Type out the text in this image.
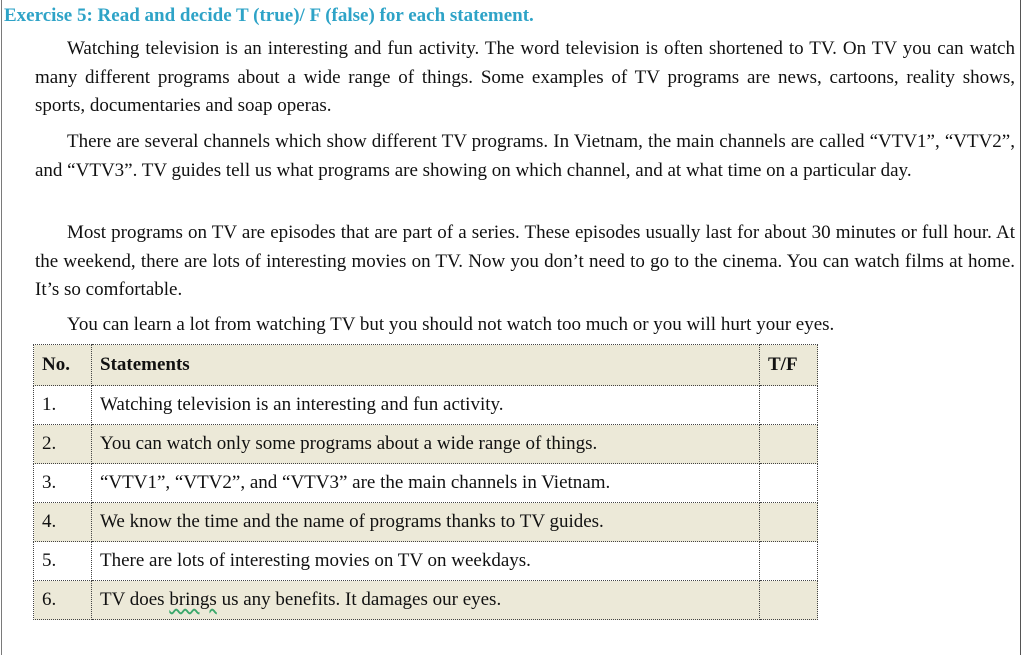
Exercise 5: Read and decide T (true)/ F (false) for each statement.

Watching television is an interesting and fun activity. The word television is often shortened to TV. On TV you can watch many different programs about a wide range of things. Some examples of TV programs are news, cartoons, reality shows, sports, documentaries and soap operas.

There are several channels which show different TV programs. In Vietnam, the main channels are called “VTV1”, “VTV2”, and “VTV3”. TV guides tell us what programs are showing on which channel, and at what time on a particular day.

Most programs on TV are episodes that are part of a series. These episodes usually last for about 30 minutes or full hour. At the weekend, there are lots of interesting movies on TV. Now you don’t need to go to the cinema. You can watch films at home. It’s so comfortable.

You can learn a lot from watching TV but you should not watch too much or you will hurt your eyes.

No.	Statements	T/F
1.	Watching television is an interesting and fun activity.	
2.	You can watch only some programs about a wide range of things.	
3.	“VTV1”, “VTV2”, and “VTV3” are the main channels in Vietnam.	
4.	We know the time and the name of programs thanks to TV guides.	
5.	There are lots of interesting movies on TV on weekdays.	
6.	TV does brings us any benefits. It damages our eyes.	
